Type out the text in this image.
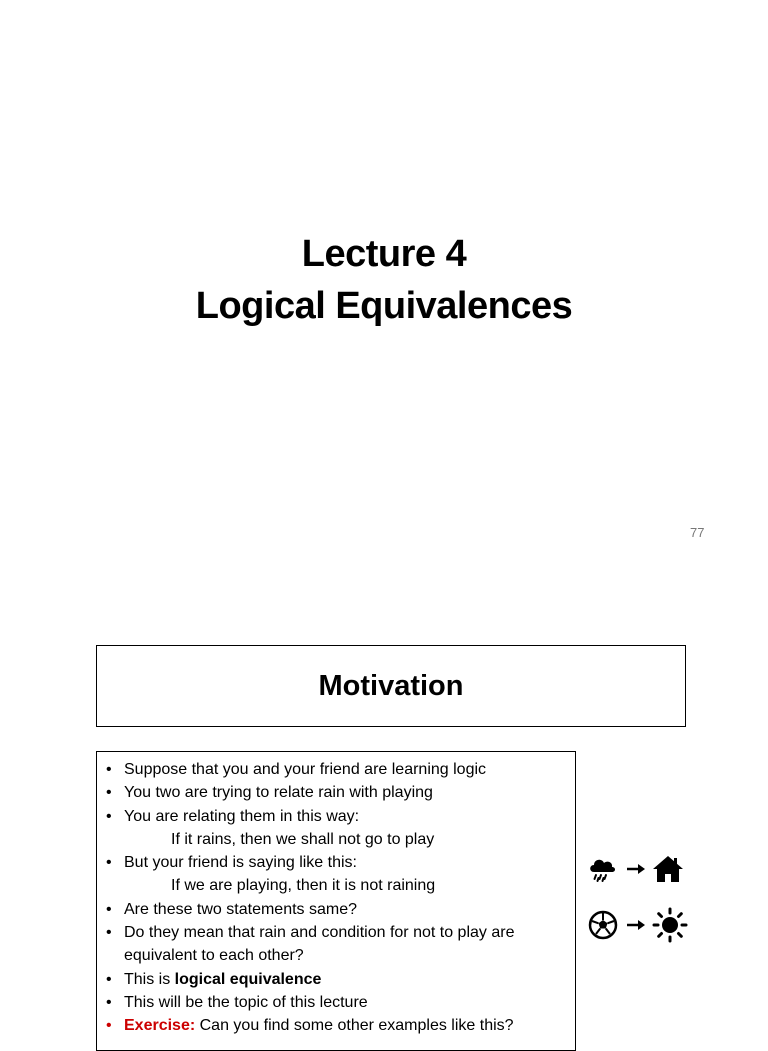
Lecture 4
Logical Equivalences
77
Motivation
• Suppose that you and your friend are learning logic
• You two are trying to relate rain with playing
• You are relating them in this way:
If it rains, then we shall not go to play
• But your friend is saying like this:
If we are playing, then it is not raining
• Are these two statements same?
• Do they mean that rain and condition for not to play are
equivalent to each other?
• This is logical equivalence
• This will be the topic of this lecture
• Exercise: Can you find some other examples like this?
